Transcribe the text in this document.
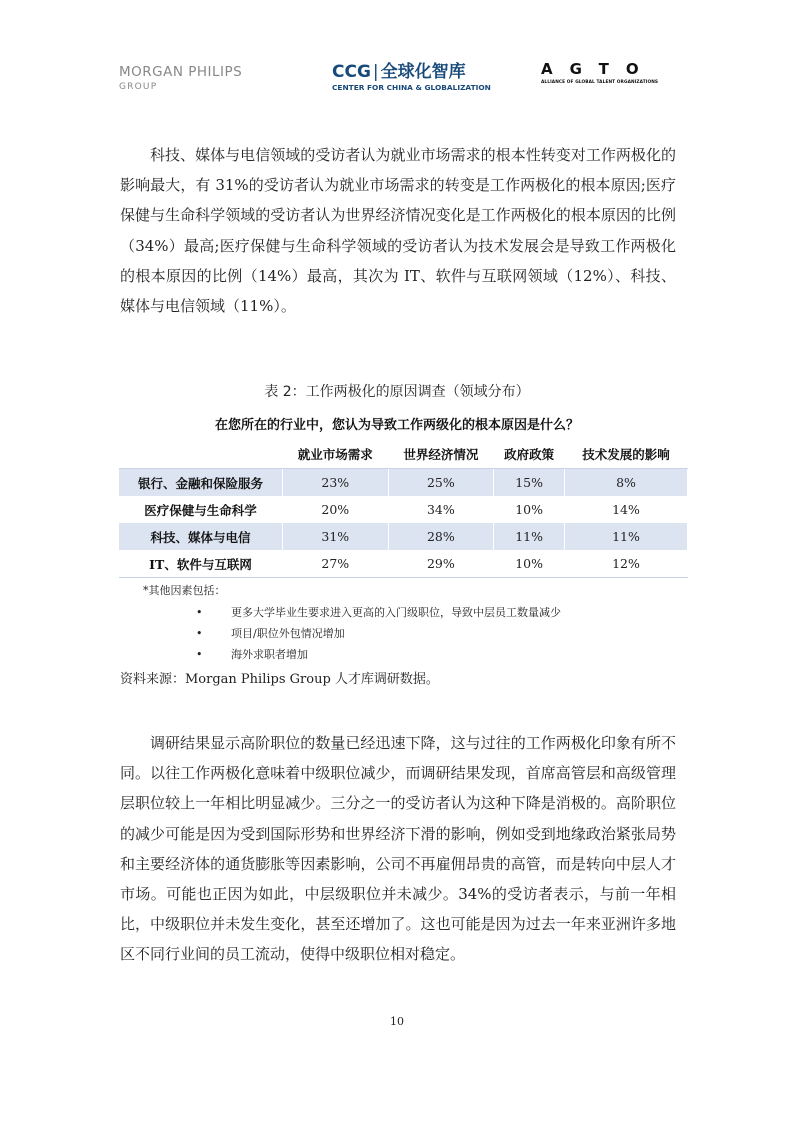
MORGAN PHILIPS
GROUP
CCG | 全球化智库
CENTER FOR CHINA & GLOBALIZATION
AGTO
ALLIANCE OF GLOBAL TALENT ORGANIZATIONS

科技、媒体与电信领域的受访者认为就业市场需求的根本性转变对工作两极化的影响最大，有 31%的受访者认为就业市场需求的转变是工作两极化的根本原因;医疗保健与生命科学领域的受访者认为世界经济情况变化是工作两极化的根本原因的比例（34%）最高;医疗保健与生命科学领域的受访者认为技术发展会是导致工作两极化的根本原因的比例（14%）最高，其次为 IT、软件与互联网领域（12%）、科技、媒体与电信领域（11%）。

表 2：工作两极化的原因调查（领域分布）
在您所在的行业中，您认为导致工作两级化的根本原因是什么？
	就业市场需求	世界经济情况	政府政策	技术发展的影响
银行、金融和保险服务	23%	25%	15%	8%
医疗保健与生命科学	20%	34%	10%	14%
科技、媒体与电信	31%	28%	11%	11%
IT、软件与互联网	27%	29%	10%	12%
*其他因素包括：
• 更多大学毕业生要求进入更高的入门级职位，导致中层员工数量减少
• 项目/职位外包情况增加
• 海外求职者增加
资料来源：Morgan Philips Group 人才库调研数据。

调研结果显示高阶职位的数量已经迅速下降，这与过往的工作两极化印象有所不同。以往工作两极化意味着中级职位减少，而调研结果发现，首席高管层和高级管理层职位较上一年相比明显减少。三分之一的受访者认为这种下降是消极的。高阶职位的减少可能是因为受到国际形势和世界经济下滑的影响，例如受到地缘政治紧张局势和主要经济体的通货膨胀等因素影响，公司不再雇佣昂贵的高管，而是转向中层人才市场。可能也正因为如此，中层级职位并未减少。34%的受访者表示，与前一年相比，中级职位并未发生变化，甚至还增加了。这也可能是因为过去一年来亚洲许多地区不同行业间的员工流动，使得中级职位相对稳定。

10
